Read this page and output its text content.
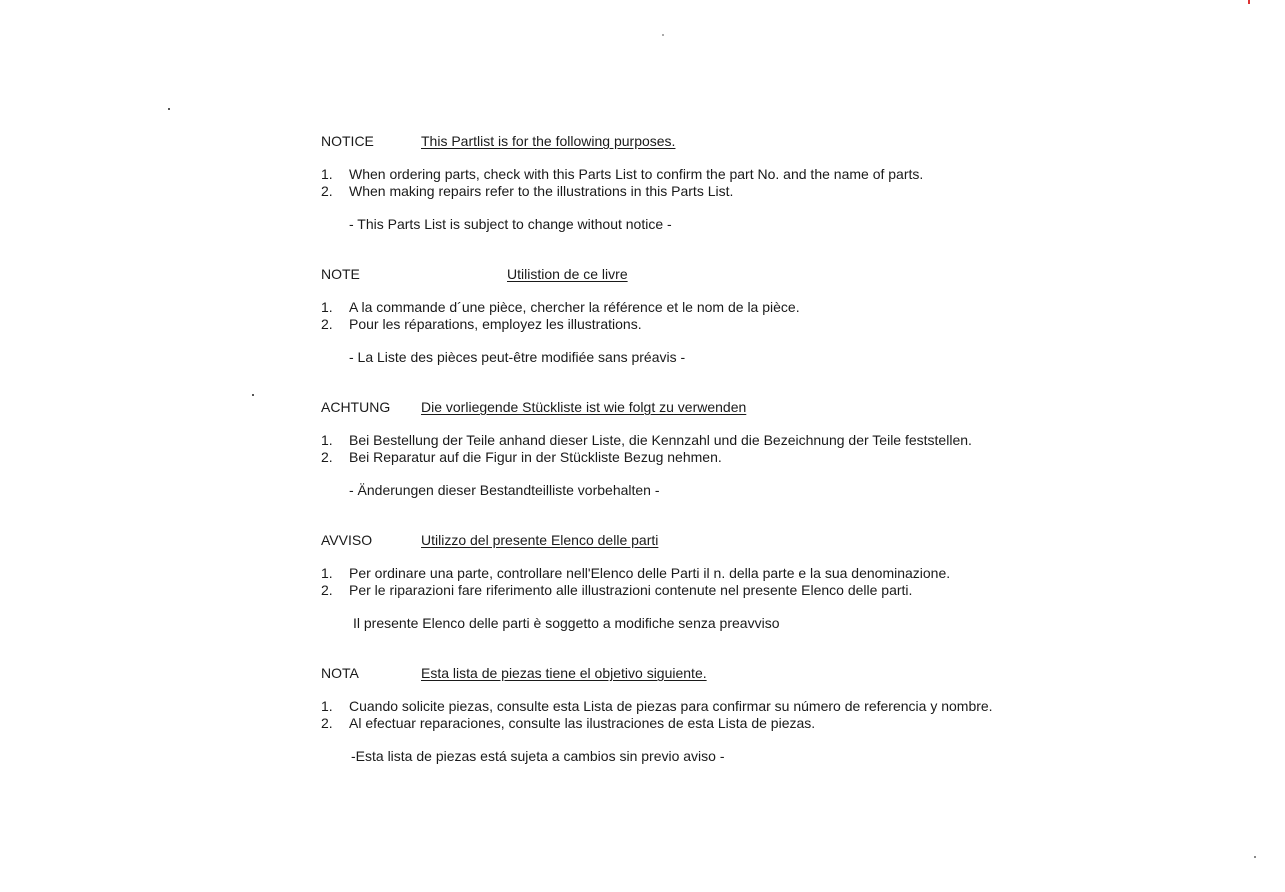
NOTICE	This Partlist is for the following purposes.
1. When ordering parts, check with this Parts List to confirm the part No. and the name of parts.
2. When making repairs refer to the illustrations in this Parts List.
- This Parts List is subject to change without notice -
NOTE	Utilistion de ce livre
1. A la commande d´une pièce, chercher la référence et le nom de la pièce.
2. Pour les réparations, employez les illustrations.
- La Liste des pièces peut-être modifiée sans préavis -
ACHTUNG Die vorliegende Stückliste ist wie folgt zu verwenden
1. Bei Bestellung der Teile anhand dieser Liste, die Kennzahl und die Bezeichnung der Teile feststellen.
2. Bei Reparatur auf die Figur in der Stückliste Bezug nehmen.
- Änderungen dieser Bestandteilliste vorbehalten -
AVVISO	Utilizzo del presente Elenco delle parti
1. Per ordinare una parte, controllare nell'Elenco delle Parti il n. della parte e la sua denominazione.
2. Per le riparazioni fare riferimento alle illustrazioni contenute nel presente Elenco delle parti.
Il presente Elenco delle parti è soggetto a modifiche senza preavviso
NOTA	Esta lista de piezas tiene el objetivo siguiente.
1. Cuando solicite piezas, consulte esta Lista de piezas para confirmar su número de referencia y nombre.
2. Al efectuar reparaciones, consulte las ilustraciones de esta Lista de piezas.
-Esta lista de piezas está sujeta a cambios sin previo aviso -
